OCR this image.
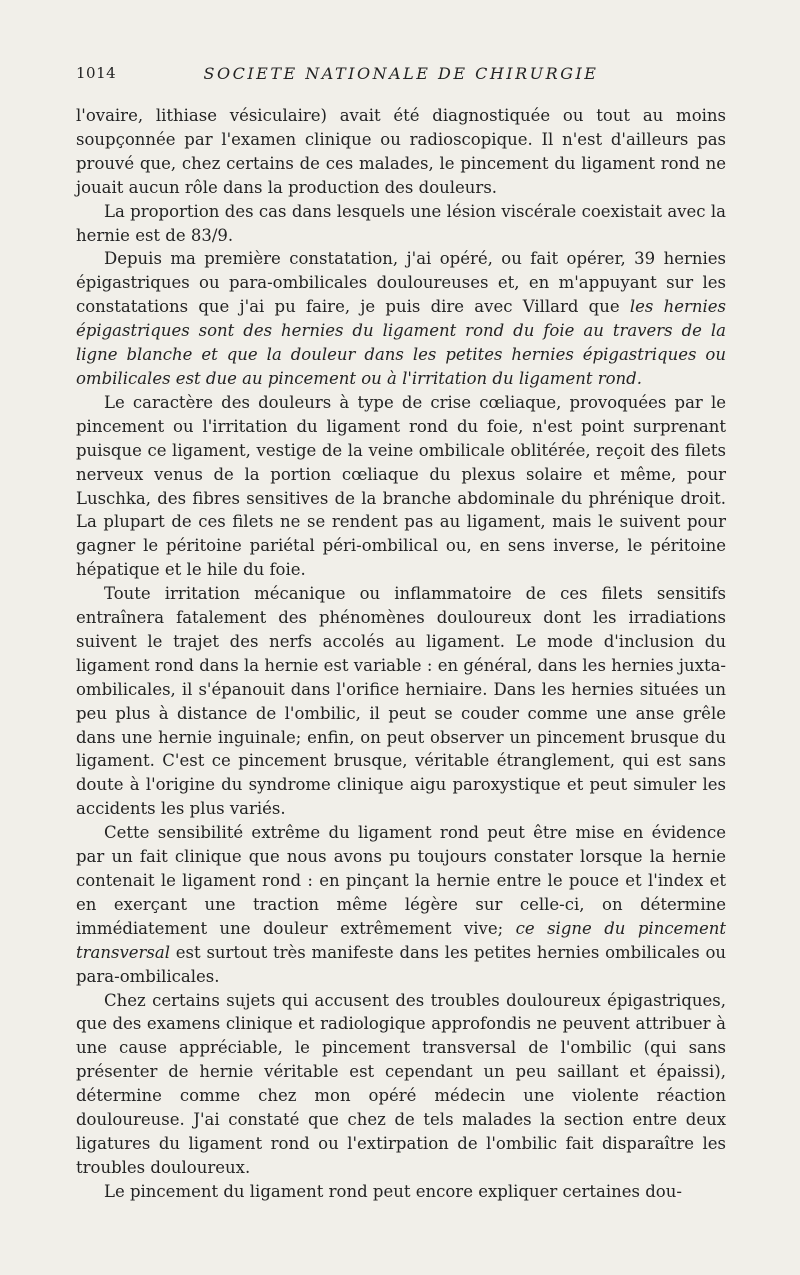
1014	SOCIETE NATIONALE DE CHIRURGIE

l'ovaire, lithiase vésiculaire) avait été diagnostiquée ou tout au moins soupçonnée par l'examen clinique ou radioscopique. Il n'est d'ailleurs pas prouvé que, chez certains de ces malades, le pincement du ligament rond ne jouait aucun rôle dans la production des douleurs.

La proportion des cas dans lesquels une lésion viscérale coexistait avec la hernie est de 83/9.

Depuis ma première constatation, j'ai opéré, ou fait opérer, 39 hernies épigastriques ou para-ombilicales douloureuses et, en m'appuyant sur les constatations que j'ai pu faire, je puis dire avec Villard que les hernies épigastriques sont des hernies du ligament rond du foie au travers de la ligne blanche et que la douleur dans les petites hernies épigastriques ou ombilicales est due au pincement ou à l'irritation du ligament rond.

Le caractère des douleurs à type de crise cœliaque, provoquées par le pincement ou l'irritation du ligament rond du foie, n'est point surprenant puisque ce ligament, vestige de la veine ombilicale oblitérée, reçoit des filets nerveux venus de la portion cœliaque du plexus solaire et même, pour Luschka, des fibres sensitives de la branche abdominale du phrénique droit. La plupart de ces filets ne se rendent pas au ligament, mais le suivent pour gagner le péritoine pariétal péri-ombilical ou, en sens inverse, le péritoine hépatique et le hile du foie.

Toute irritation mécanique ou inflammatoire de ces filets sensitifs entraînera fatalement des phénomènes douloureux dont les irradiations suivent le trajet des nerfs accolés au ligament. Le mode d'inclusion du ligament rond dans la hernie est variable : en général, dans les hernies juxta-ombilicales, il s'épanouit dans l'orifice herniaire. Dans les hernies situées un peu plus à distance de l'ombilic, il peut se couder comme une anse grêle dans une hernie inguinale; enfin, on peut observer un pincement brusque du ligament. C'est ce pincement brusque, véritable étranglement, qui est sans doute à l'origine du syndrome clinique aigu paroxystique et peut simuler les accidents les plus variés.

Cette sensibilité extrême du ligament rond peut être mise en évidence par un fait clinique que nous avons pu toujours constater lorsque la hernie contenait le ligament rond : en pinçant la hernie entre le pouce et l'index et en exerçant une traction même légère sur celle-ci, on détermine immédiatement une douleur extrêmement vive; ce signe du pincement transversal est surtout très manifeste dans les petites hernies ombilicales ou para-ombilicales.

Chez certains sujets qui accusent des troubles douloureux épigastriques, que des examens clinique et radiologique approfondis ne peuvent attribuer à une cause appréciable, le pincement transversal de l'ombilic (qui sans présenter de hernie véritable est cependant un peu saillant et épaissi), détermine comme chez mon opéré médecin une violente réaction douloureuse. J'ai constaté que chez de tels malades la section entre deux ligatures du ligament rond ou l'extirpation de l'ombilic fait disparaître les troubles douloureux.

Le pincement du ligament rond peut encore expliquer certaines dou-
